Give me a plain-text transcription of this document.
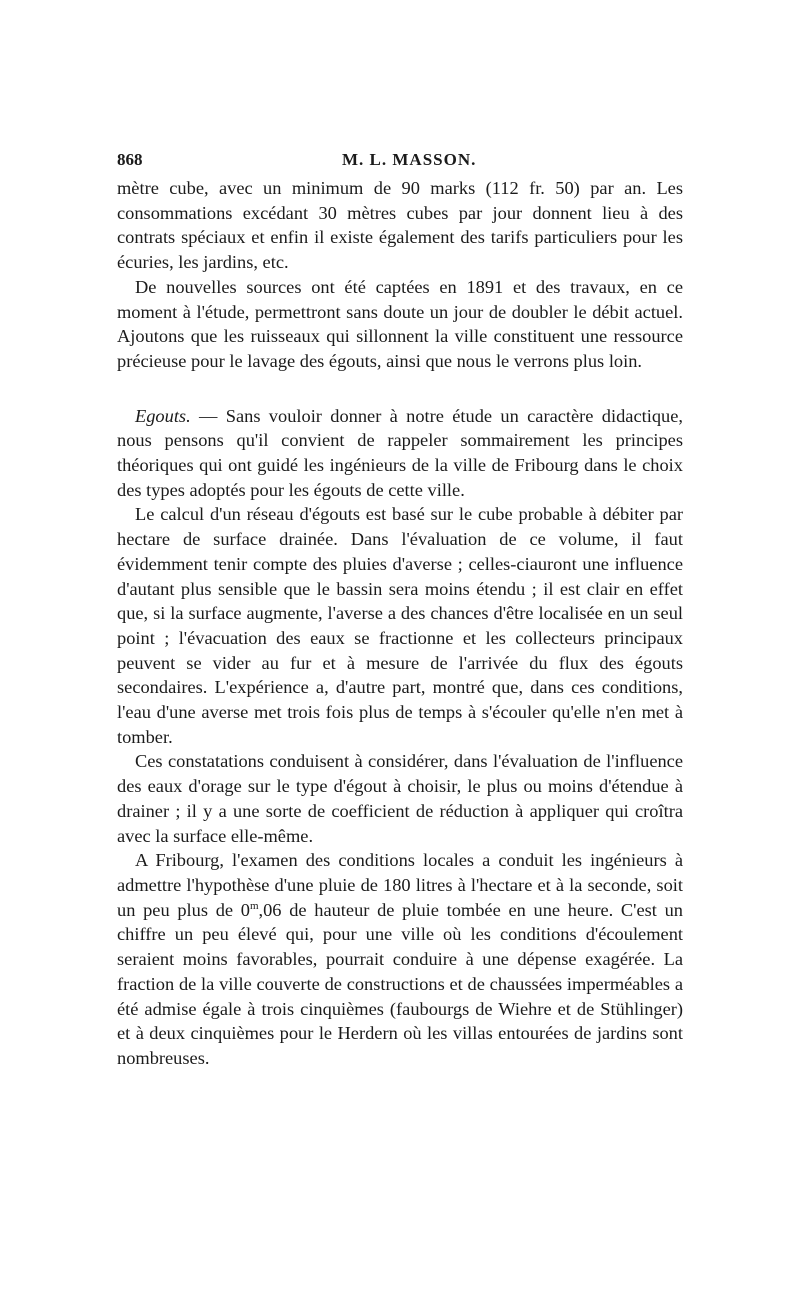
868	M. L. MASSON.

mètre cube, avec un minimum de 90 marks (112 fr. 50) par an. Les consommations excédant 30 mètres cubes par jour donnent lieu à des contrats spéciaux et enfin il existe également des tarifs particuliers pour les écuries, les jardins, etc.

De nouvelles sources ont été captées en 1891 et des travaux, en ce moment à l'étude, permettront sans doute un jour de doubler le débit actuel. Ajoutons que les ruisseaux qui sillonnent la ville constituent une ressource précieuse pour le lavage des égouts, ainsi que nous le verrons plus loin.

Egouts. — Sans vouloir donner à notre étude un caractère didactique, nous pensons qu'il convient de rappeler sommairement les principes théoriques qui ont guidé les ingénieurs de la ville de Fribourg dans le choix des types adoptés pour les égouts de cette ville.

Le calcul d'un réseau d'égouts est basé sur le cube probable à débiter par hectare de surface drainée. Dans l'évaluation de ce volume, il faut évidemment tenir compte des pluies d'averse ; celles-ciauront une influence d'autant plus sensible que le bassin sera moins étendu ; il est clair en effet que, si la surface augmente, l'averse a des chances d'être localisée en un seul point ; l'évacuation des eaux se fractionne et les collecteurs principaux peuvent se vider au fur et à mesure de l'arrivée du flux des égouts secondaires. L'expérience a, d'autre part, montré que, dans ces conditions, l'eau d'une averse met trois fois plus de temps à s'écouler qu'elle n'en met à tomber.

Ces constatations conduisent à considérer, dans l'évaluation de l'influence des eaux d'orage sur le type d'égout à choisir, le plus ou moins d'étendue à drainer ; il y a une sorte de coefficient de réduction à appliquer qui croîtra avec la surface elle-même.

A Fribourg, l'examen des conditions locales a conduit les ingénieurs à admettre l'hypothèse d'une pluie de 180 litres à l'hectare et à la seconde, soit un peu plus de 0$^m$,06 de hauteur de pluie tombée en une heure. C'est un chiffre un peu élevé qui, pour une ville où les conditions d'écoulement seraient moins favorables, pourrait conduire à une dépense exagérée. La fraction de la ville couverte de constructions et de chaussées imperméables a été admise égale à trois cinquièmes (faubourgs de Wiehre et de Stühlinger) et à deux cinquièmes pour le Herdern où les villas entourées de jardins sont nombreuses.
